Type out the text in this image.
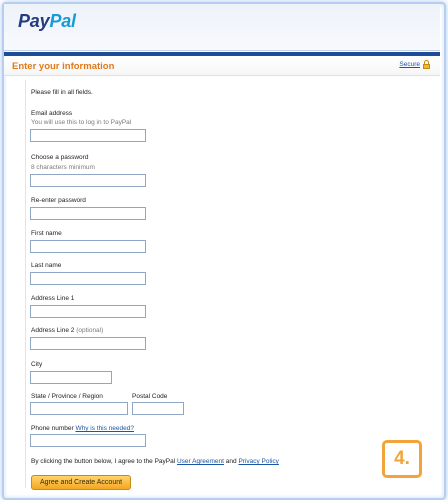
PayPal
Enter your information	Secure
Please fill in all fields.
Email address
You will use this to log in to PayPal
Choose a password
8 characters minimum
Re-enter password
First name
Last name
Address Line 1
Address Line 2 (optional)
City
State / Province / Region	Postal Code
Phone number Why is this needed?
By clicking the button below, I agree to the PayPal User Agreement and Privacy Policy
Agree and Create Account
4.
